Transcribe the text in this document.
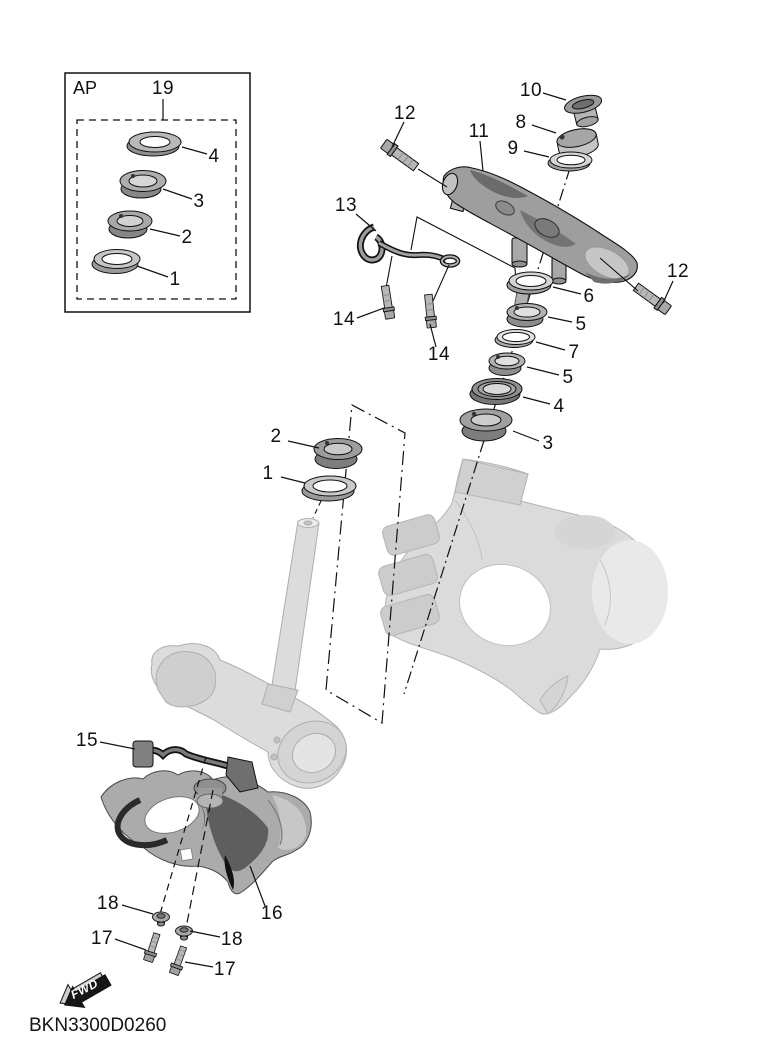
AP	19
4
3
2
1
10
8
9
11
12
12
13
14
14
6
5
7
5
4
3
2
1
15
16
18
17	18
17
FWD
BKN3300D0260
